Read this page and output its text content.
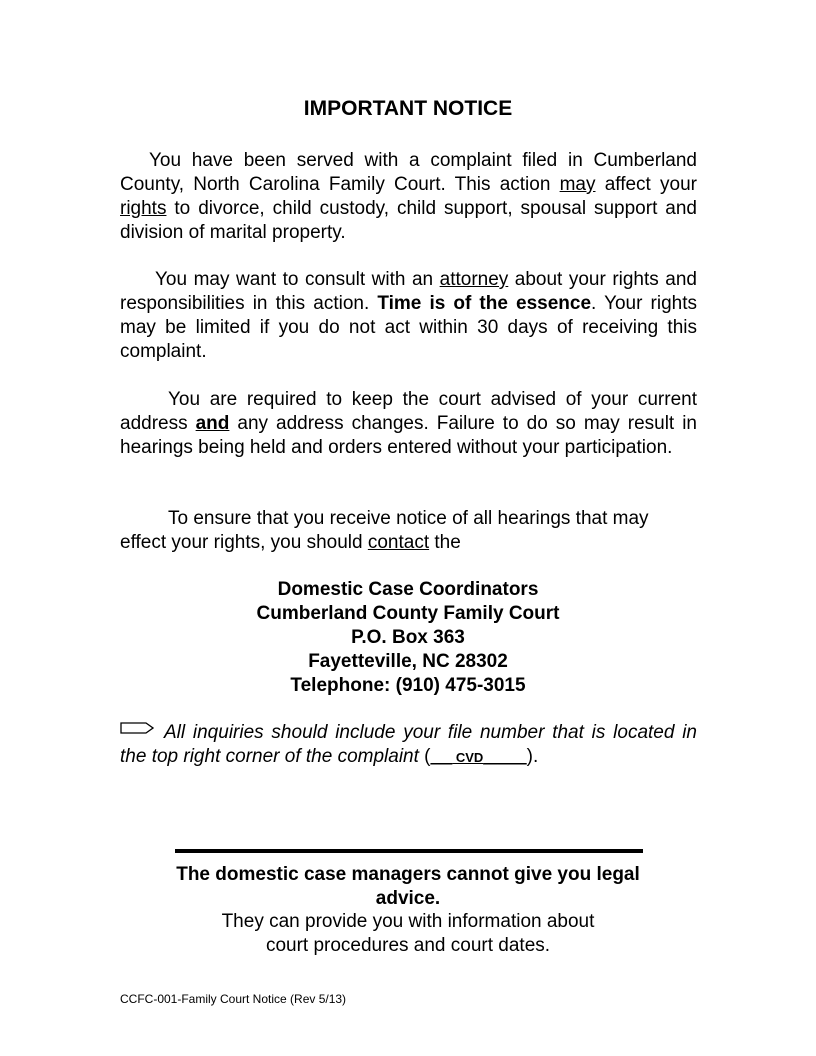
IMPORTANT NOTICE
You have been served with a complaint filed in Cumberland County, North Carolina Family Court. This action may affect your rights to divorce, child custody, child support, spousal support and division of marital property.
You may want to consult with an attorney about your rights and responsibilities in this action. Time is of the essence. Your rights may be limited if you do not act within 30 days of receiving this complaint.
You are required to keep the court advised of your current address and any address changes. Failure to do so may result in hearings being held and orders entered without your participation.
To ensure that you receive notice of all hearings that may effect your rights, you should contact the
Domestic Case Coordinators
Cumberland County Family Court
P.O. Box 363
Fayetteville, NC 28302
Telephone: (910) 475-3015
All inquiries should include your file number that is located in the top right corner of the complaint (___ CVD______).
The domestic case managers cannot give you legal advice.
They can provide you with information about
court procedures and court dates.
CCFC-001-Family Court Notice (Rev 5/13)
